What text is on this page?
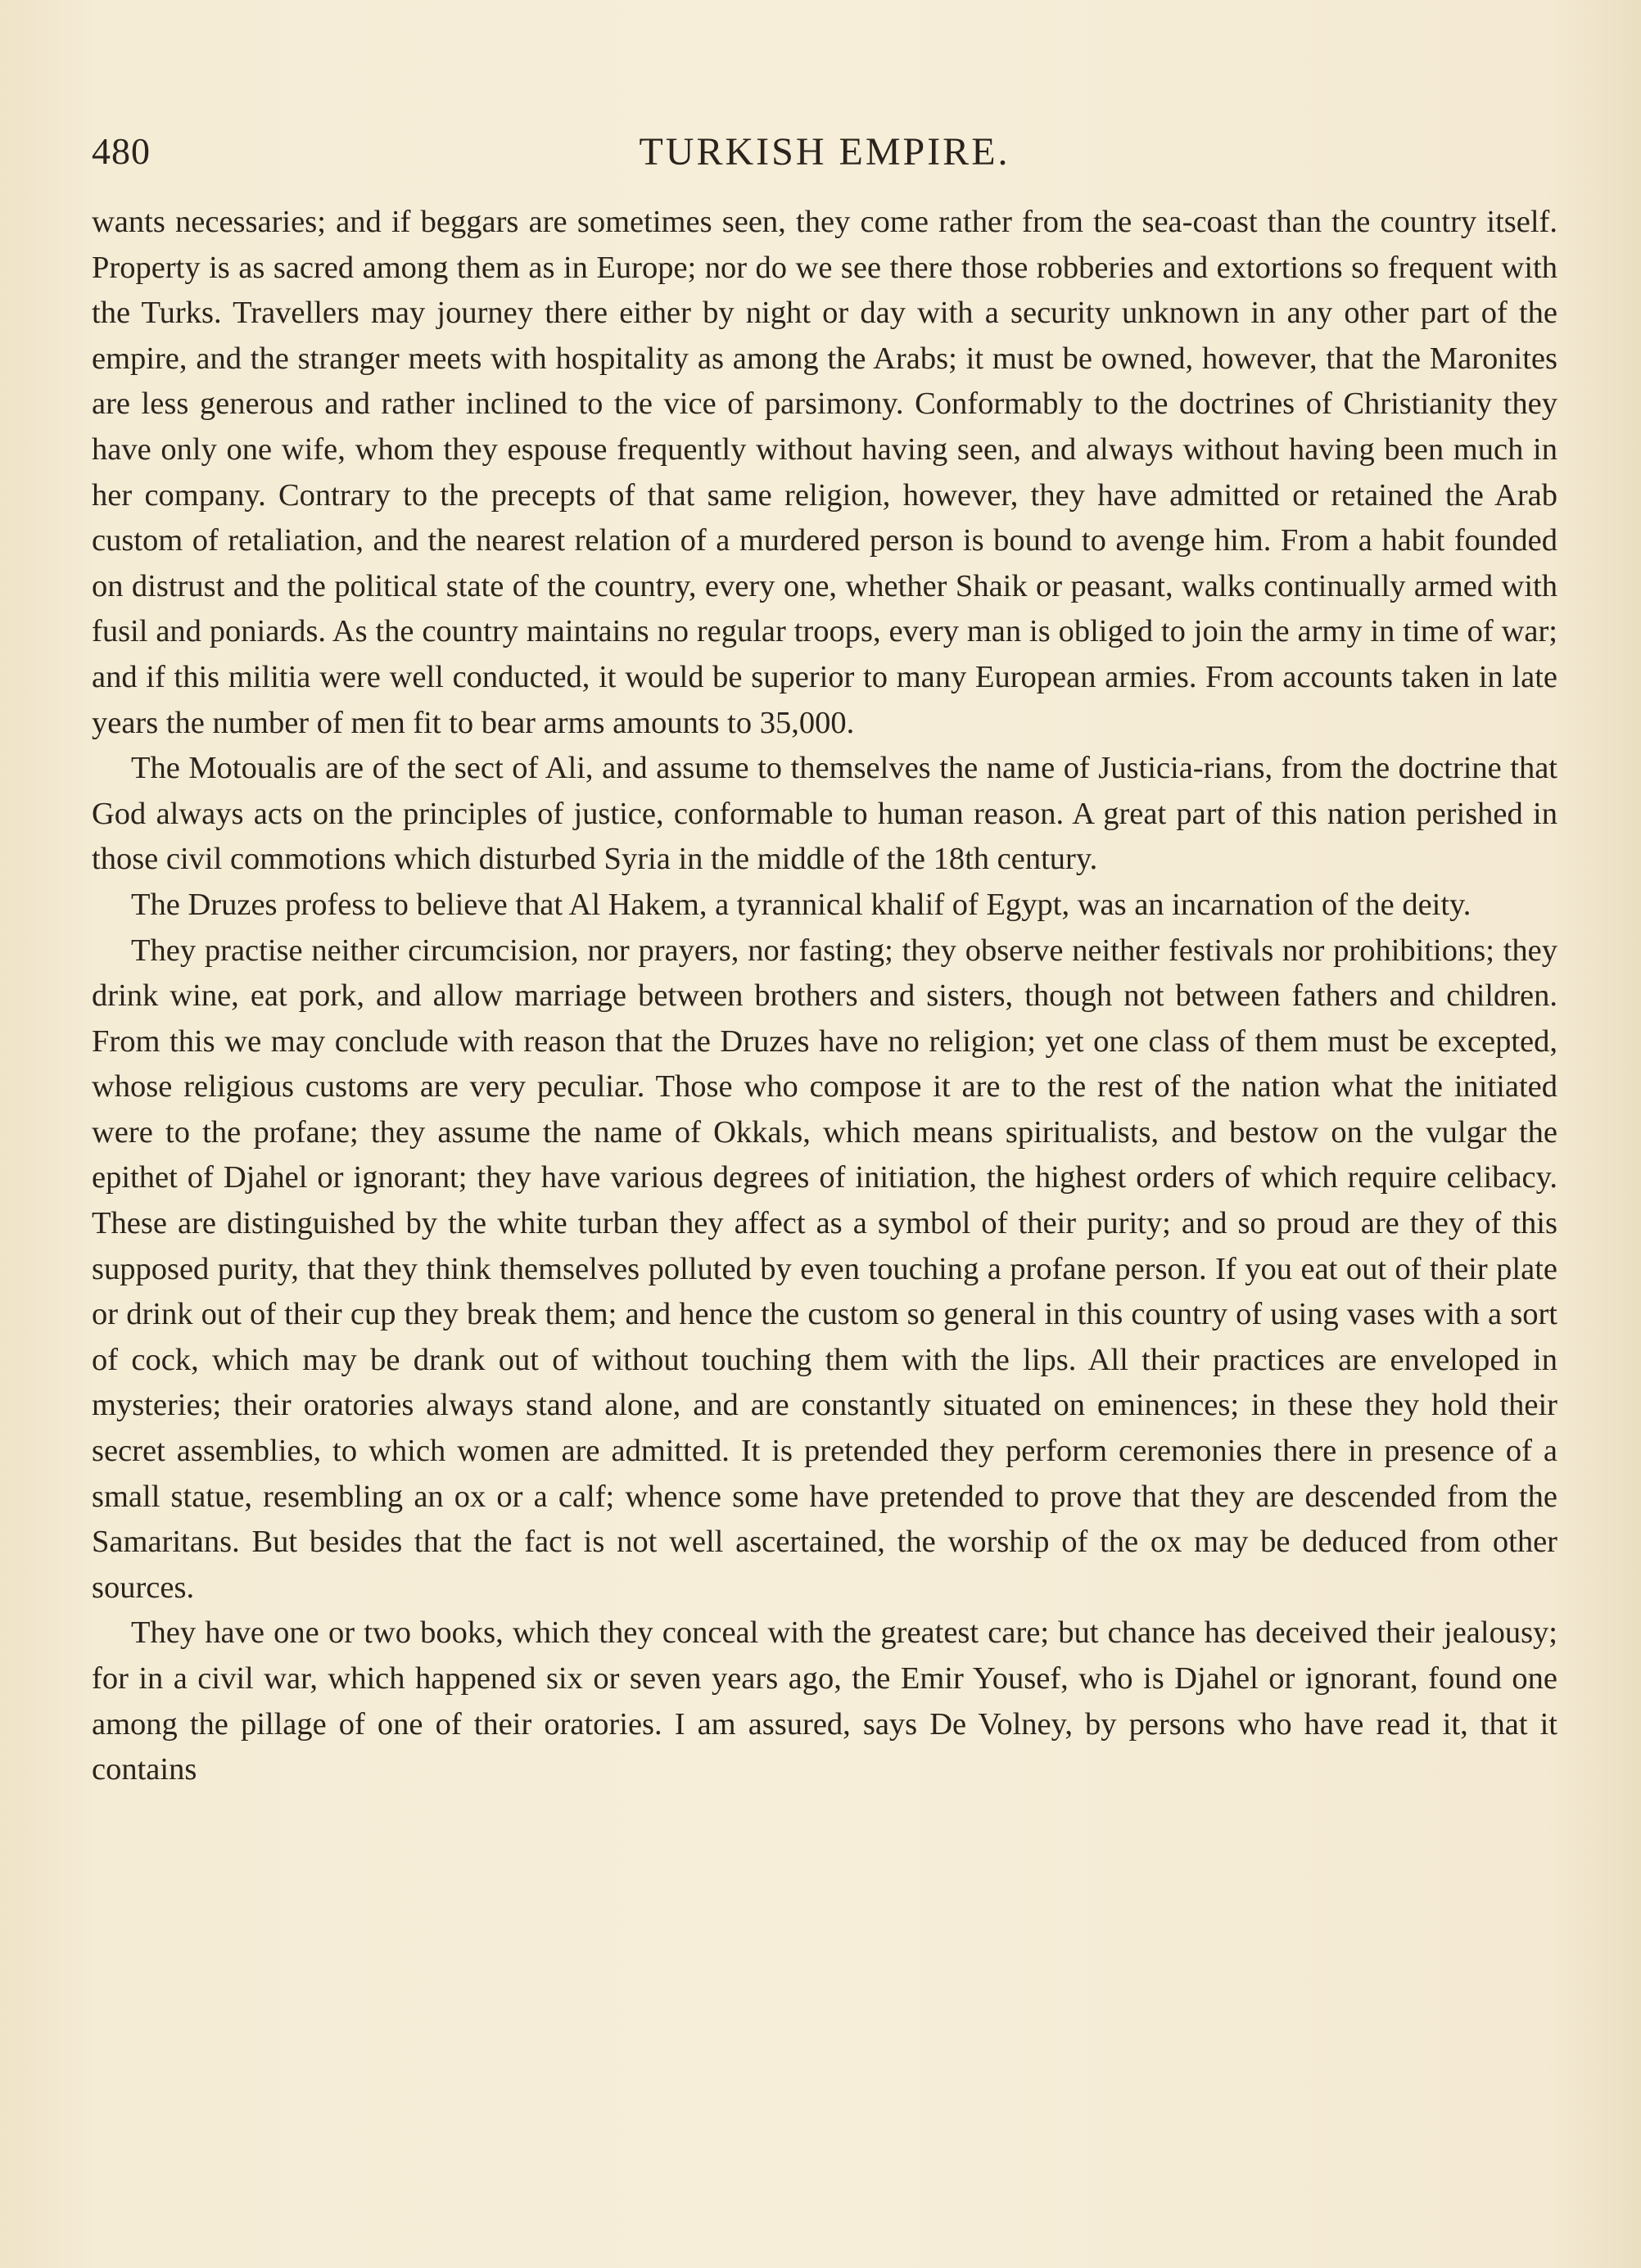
480	TURKISH EMPIRE.

wants necessaries; and if beggars are sometimes seen, they come rather from the sea-coast than the country itself. Property is as sacred among them as in Europe; nor do we see there those robberies and extortions so frequent with the Turks. Travellers may journey there either by night or day with a security unknown in any other part of the empire, and the stranger meets with hospitality as among the Arabs; it must be owned, however, that the Maronites are less generous and rather inclined to the vice of parsimony. Conformably to the doctrines of Christianity they have only one wife, whom they espouse frequently without having seen, and always without having been much in her company. Contrary to the precepts of that same religion, however, they have admitted or retained the Arab custom of retaliation, and the nearest relation of a murdered person is bound to avenge him. From a habit founded on distrust and the political state of the country, every one, whether Shaik or peasant, walks continually armed with fusil and poniards. As the country maintains no regular troops, every man is obliged to join the army in time of war; and if this militia were well conducted, it would be superior to many European armies. From accounts taken in late years the number of men fit to bear arms amounts to 35,000.

The Motoualis are of the sect of Ali, and assume to themselves the name of Justicia-rians, from the doctrine that God always acts on the principles of justice, conformable to human reason. A great part of this nation perished in those civil commotions which disturbed Syria in the middle of the 18th century.

The Druzes profess to believe that Al Hakem, a tyrannical khalif of Egypt, was an incarnation of the deity.

They practise neither circumcision, nor prayers, nor fasting; they observe neither festivals nor prohibitions; they drink wine, eat pork, and allow marriage between brothers and sisters, though not between fathers and children. From this we may conclude with reason that the Druzes have no religion; yet one class of them must be excepted, whose religious customs are very peculiar. Those who compose it are to the rest of the nation what the initiated were to the profane; they assume the name of Okkals, which means spiritualists, and bestow on the vulgar the epithet of Djahel or ignorant; they have various degrees of initiation, the highest orders of which require celibacy. These are distinguished by the white turban they affect as a symbol of their purity; and so proud are they of this supposed purity, that they think themselves polluted by even touching a profane person. If you eat out of their plate or drink out of their cup they break them; and hence the custom so general in this country of using vases with a sort of cock, which may be drank out of without touching them with the lips. All their practices are enveloped in mysteries; their oratories always stand alone, and are constantly situated on eminences; in these they hold their secret assemblies, to which women are admitted. It is pretended they perform ceremonies there in presence of a small statue, resembling an ox or a calf; whence some have pretended to prove that they are descended from the Samaritans. But besides that the fact is not well ascertained, the worship of the ox may be deduced from other sources.

They have one or two books, which they conceal with the greatest care; but chance has deceived their jealousy; for in a civil war, which happened six or seven years ago, the Emir Yousef, who is Djahel or ignorant, found one among the pillage of one of their oratories. I am assured, says De Volney, by persons who have read it, that it contains
